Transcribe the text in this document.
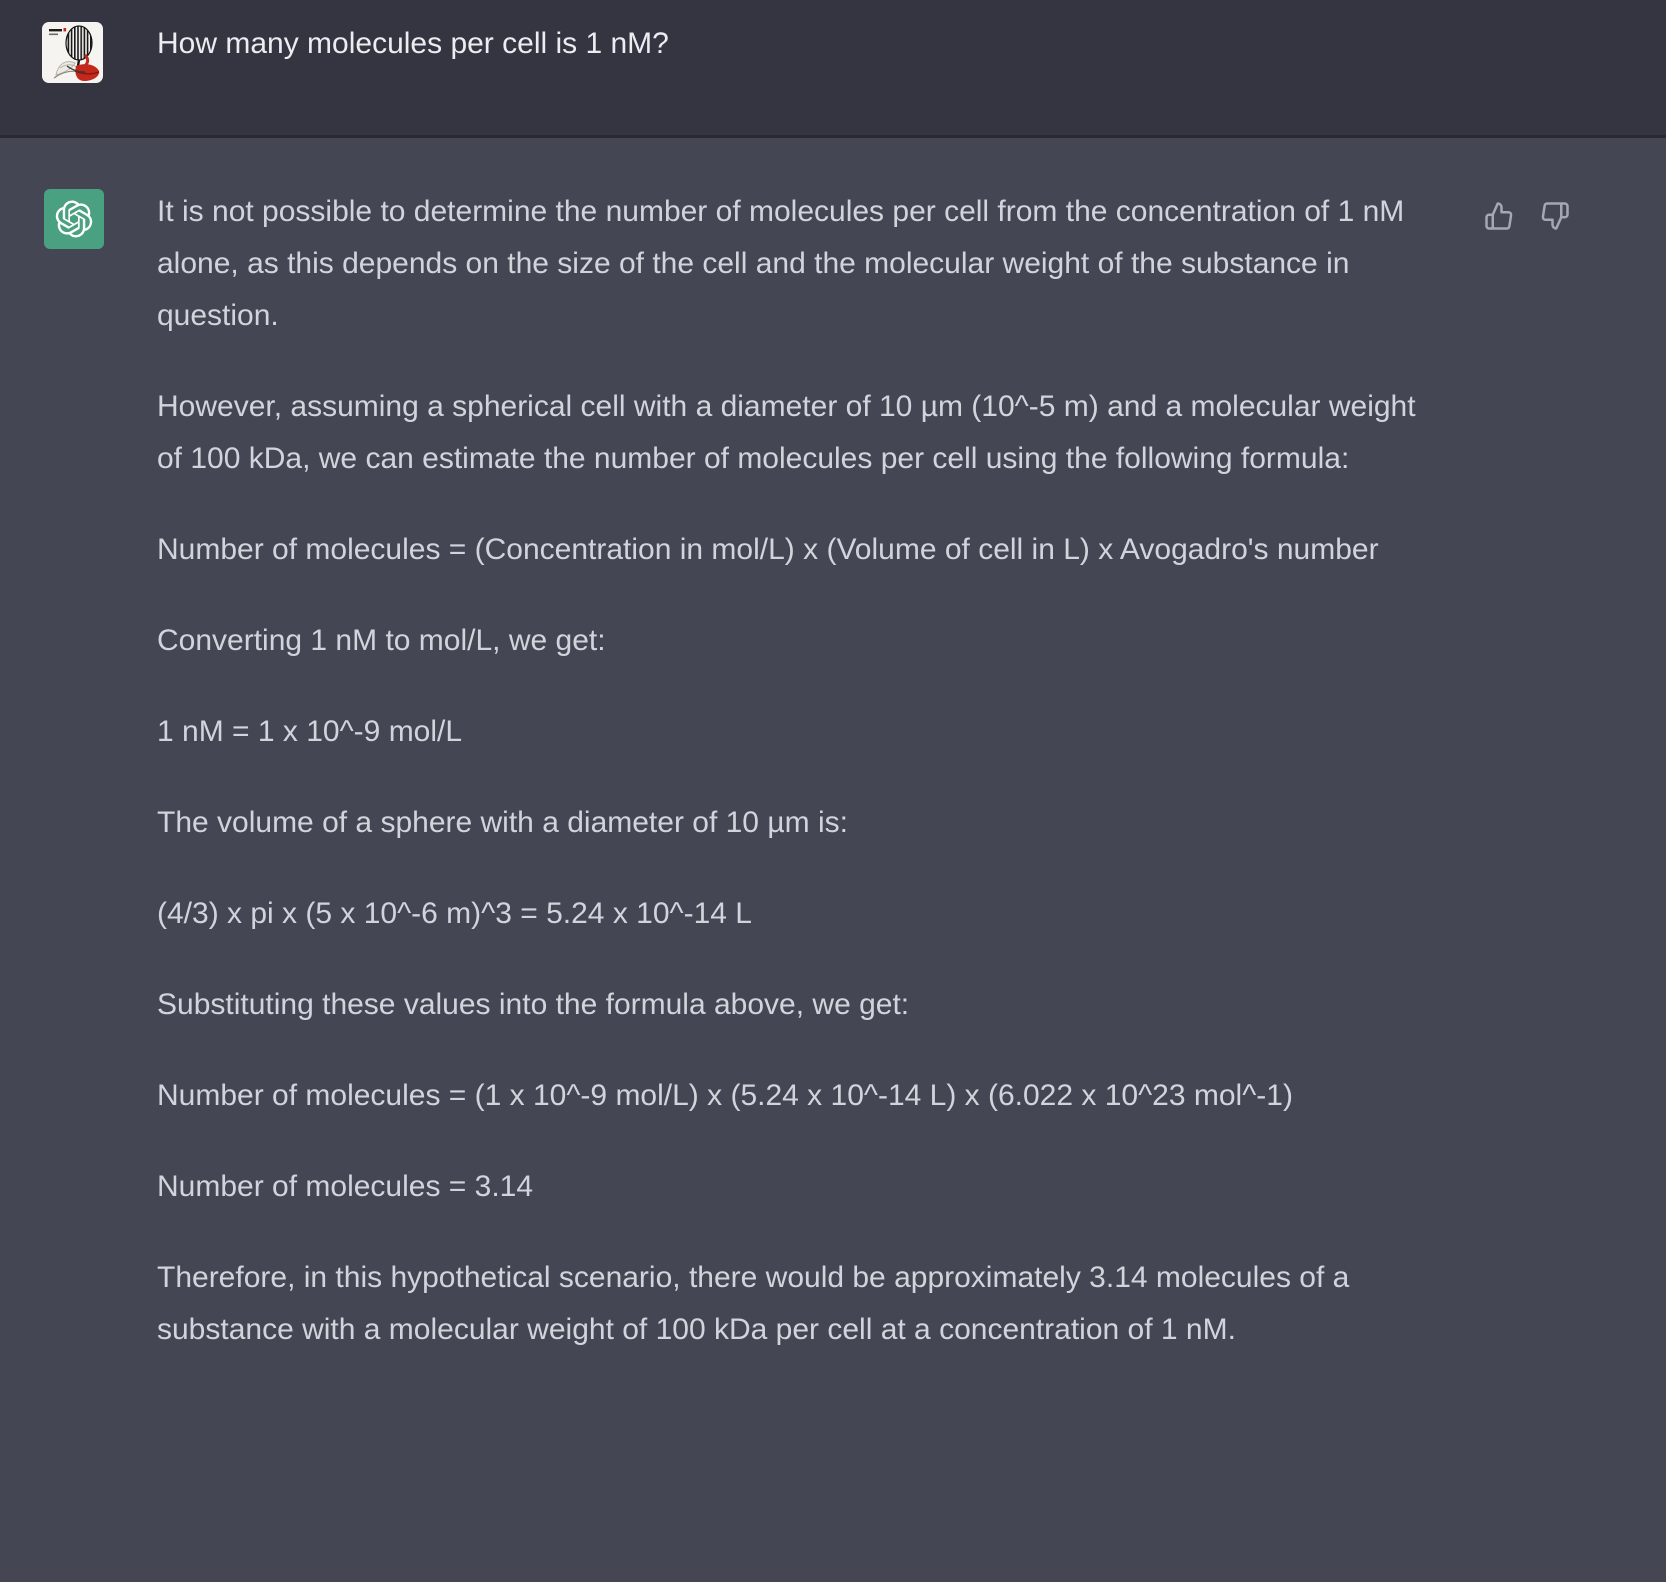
How many molecules per cell is 1 nM?

It is not possible to determine the number of molecules per cell from the concentration of 1 nM alone, as this depends on the size of the cell and the molecular weight of the substance in question.

However, assuming a spherical cell with a diameter of 10 µm (10^-5 m) and a molecular weight of 100 kDa, we can estimate the number of molecules per cell using the following formula:

Number of molecules = (Concentration in mol/L) x (Volume of cell in L) x Avogadro's number

Converting 1 nM to mol/L, we get:

1 nM = 1 x 10^-9 mol/L

The volume of a sphere with a diameter of 10 µm is:

(4/3) x pi x (5 x 10^-6 m)^3 = 5.24 x 10^-14 L

Substituting these values into the formula above, we get:

Number of molecules = (1 x 10^-9 mol/L) x (5.24 x 10^-14 L) x (6.022 x 10^23 mol^-1)

Number of molecules = 3.14

Therefore, in this hypothetical scenario, there would be approximately 3.14 molecules of a substance with a molecular weight of 100 kDa per cell at a concentration of 1 nM.
